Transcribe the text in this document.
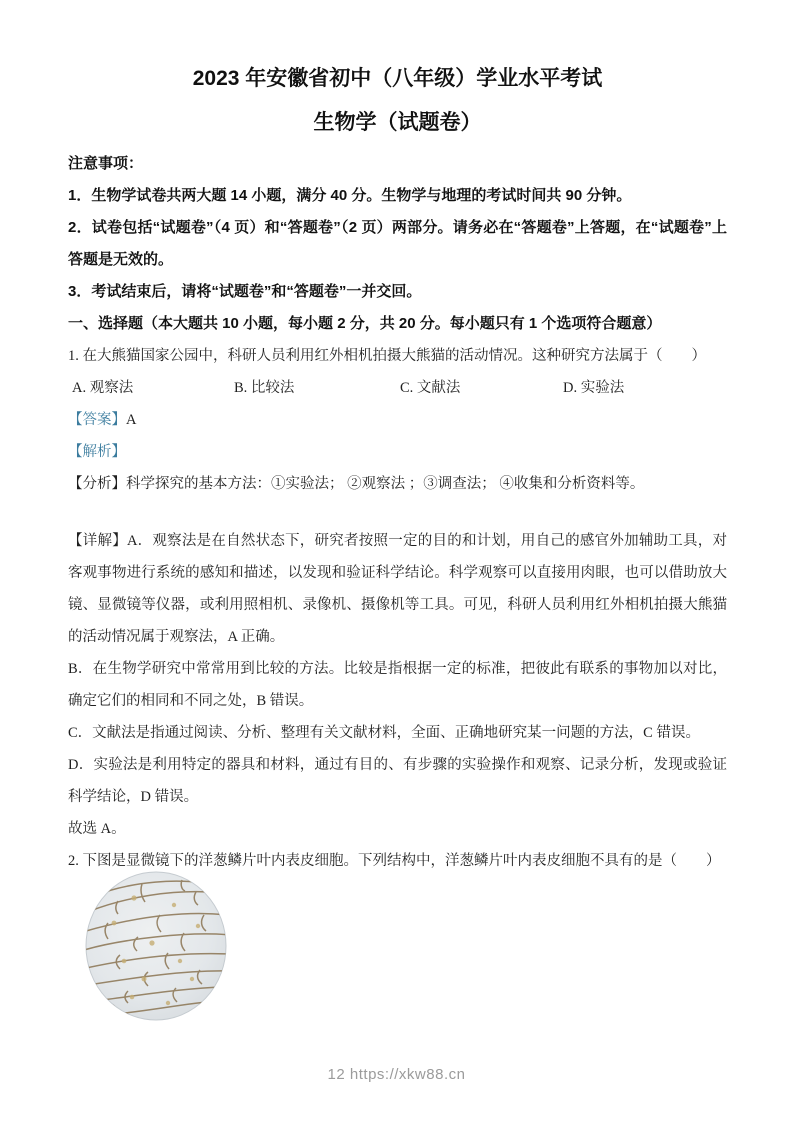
2023 年安徽省初中（八年级）学业水平考试
生物学（试题卷）

注意事项：

1．生物学试卷共两大题 14 小题，满分 40 分。生物学与地理的考试时间共 90 分钟。

2．试卷包括“试题卷”（4 页）和“答题卷”（2 页）两部分。请务必在“答题卷”上答题，在“试题卷”上答题是无效的。

3．考试结束后，请将“试题卷”和“答题卷”一并交回。

一、选择题（本大题共 10 小题，每小题 2 分，共 20 分。每小题只有 1 个选项符合题意）

1. 在大熊猫国家公园中，科研人员利用红外相机拍摄大熊猫的活动情况。这种研究方法属于（　　）

A. 观察法	B. 比较法	C. 文献法	D. 实验法

【答案】A

【解析】

【分析】科学探究的基本方法：①实验法； ②观察法 ；③调查法； ④收集和分析资料等。

【详解】A．观察法是在自然状态下，研究者按照一定的目的和计划，用自己的感官外加辅助工具，对客观事物进行系统的感知和描述，以发现和验证科学结论。科学观察可以直接用肉眼，也可以借助放大镜、显微镜等仪器，或利用照相机、录像机、摄像机等工具。可见，科研人员利用红外相机拍摄大熊猫的活动情况属于观察法，A 正确。

B．在生物学研究中常常用到比较的方法。比较是指根据一定的标准，把彼此有联系的事物加以对比，确定它们的相同和不同之处，B 错误。

C．文献法是指通过阅读、分析、整理有关文献材料，全面、正确地研究某一问题的方法，C 错误。

D．实验法是利用特定的器具和材料，通过有目的、有步骤的实验操作和观察、记录分析，发现或验证科学结论，D 错误。

故选 A。

2. 下图是显微镜下的洋葱鳞片叶内表皮细胞。下列结构中，洋葱鳞片叶内表皮细胞不具有的是（　　）

12 https://xkw88.cn
